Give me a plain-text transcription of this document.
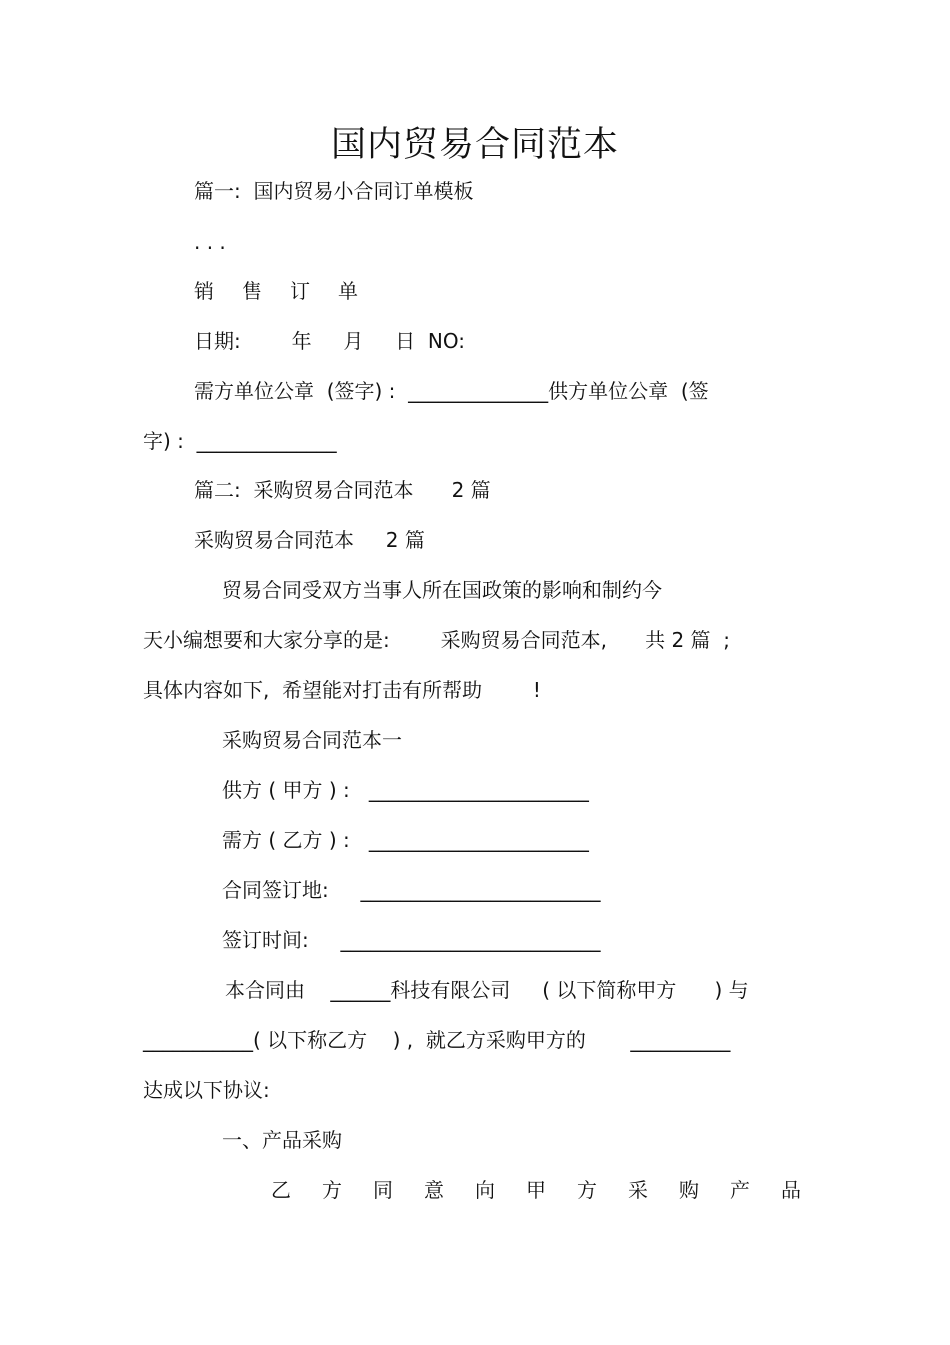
国内贸易合同范本

篇一:  国内贸易小合同订单模板

. . .

销售订单

日期:        年     月     日  NO:

需方单位公章  (签字) :  ______________供方单位公章  (签

字) :  ______________

篇二:  采购贸易合同范本      2 篇

采购贸易合同范本     2 篇

贸易合同受双方当事人所在国政策的影响和制约今

天小编想要和大家分享的是:        采购贸易合同范本,      共 2 篇  ;

具体内容如下,  希望能对打击有所帮助        !

采购贸易合同范本一

供方 ( 甲方 ) :   ______________________

需方 ( 乙方 ) :   ______________________

合同签订地:     ________________________

签订时间:     __________________________

本合同由    ______科技有限公司     ( 以下简称甲方      ) 与

___________( 以下称乙方    ) ,  就乙方采购甲方的       __________

达成以下协议:

一、产品采购

乙方同意向甲方采购产品
